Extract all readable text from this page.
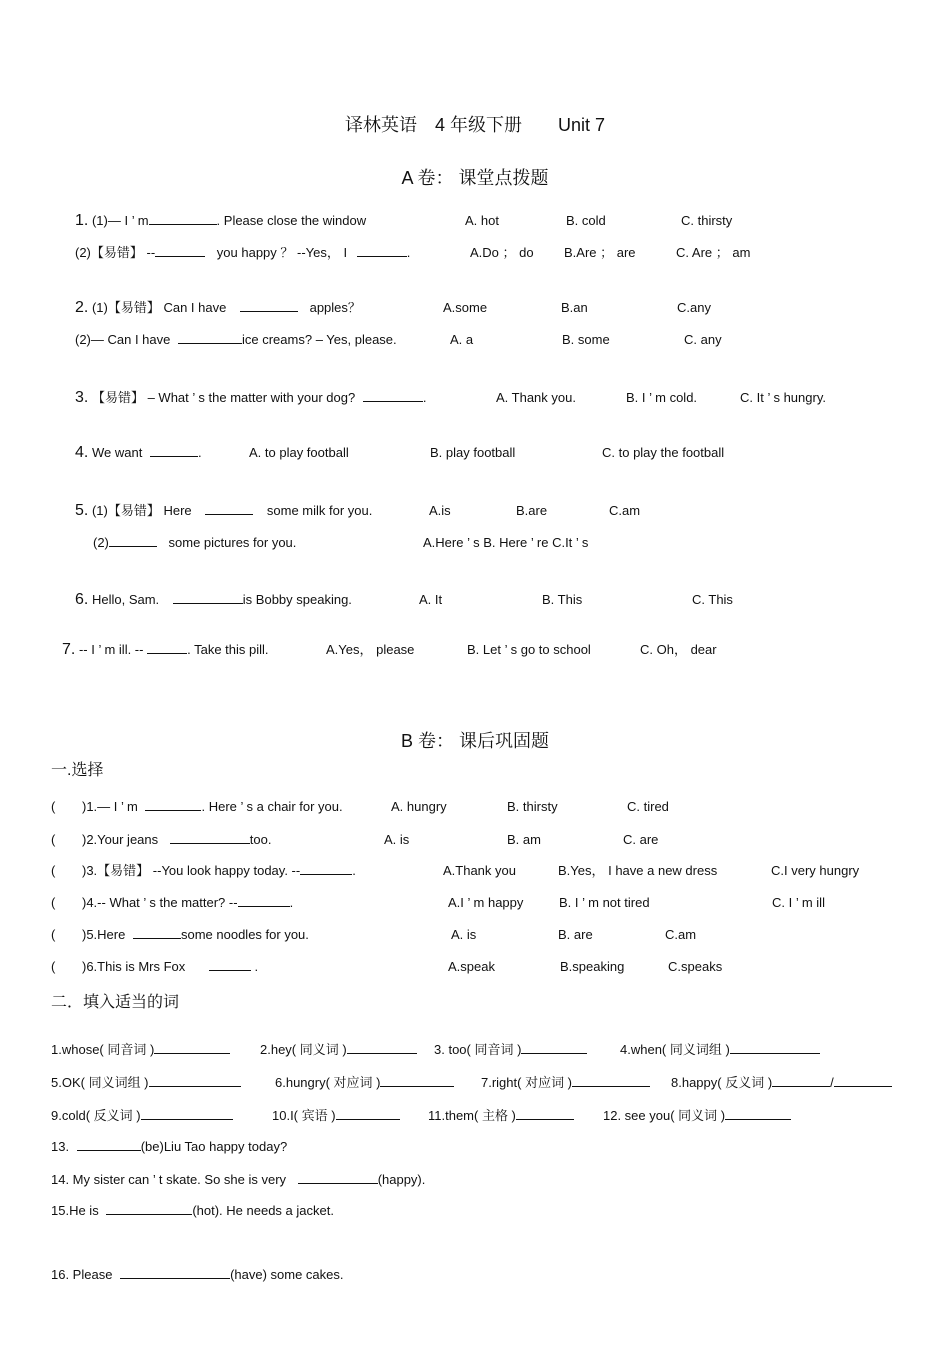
译林英语　4 年级下册　　Unit 7
A 卷： 课堂点拨题
1. (1)— I ’ m	. Please close the window	A. hot	B. cold	C. thirsty
(2)【易错】 --	you happy ？ --Yes， I	.	A.Do ； do B.Are ； are	C. Are ； am
2. (1)【易错】 Can I have	apples？	A.some	B.an	C.any
(2)— Can I have	ice creams? – Yes, please.	A. a	B. some	C. any
3. 【易错】 – What ’ s the matter with your dog?	.	A. Thank you.	B. I ’ m cold.	C. It ’ s hungry.
4. We want	.	A. to play football	B. play football	C. to play the football
5. (1)【易错】 Here	some milk for you.	A.is	B.are	C.am
(2)	some pictures for you.	A.Here ’ s B. Here ’ re C.It ’ s
6. Hello, Sam.	is Bobby speaking.	A. It	B. This	C. This
7. -- I ’ m ill. --	. Take this pill.	A.Yes， please	B. Let ’ s go to school	C. Oh， dear
B 卷： 课后巩固题
一.选择
( )1.— I ’ m	. Here ’ s a chair for you.	A. hungry	B. thirsty	C. tired
( )2.Your jeans	too.	A. is	B. am	C. are
( )3.【易错】 --You look happy today. --	.	A.Thank you	B.Yes， I have a new dress	C.I very hungry
( )4.-- What ’ s the matter? --	.	A.I ’ m happy	B. I ’ m not tired	C. I ’ m ill
( )5.Here	some noodles for you.	A. is	B. are	C.am
( )6.This is Mrs Fox	.	A.speak	B.speaking	C.speaks
二．填入适当的词
1.whose( 同音词 )	2.hey( 同义词 )	3. too( 同音词 )	4.when( 同义词组 )
5.OK( 同义词组 )	6.hungry( 对应词 )	7.right( 对应词 )	8.happy( 反义词 )	/
9.cold( 反义词 )	10.I( 宾语 )	11.them( 主格 )	12. see you( 同义词 )
13.	(be)Liu Tao happy today?
14. My sister can ’ t skate. So she is very	(happy).
15.He is	(hot). He needs a jacket.
16. Please	(have) some cakes.
